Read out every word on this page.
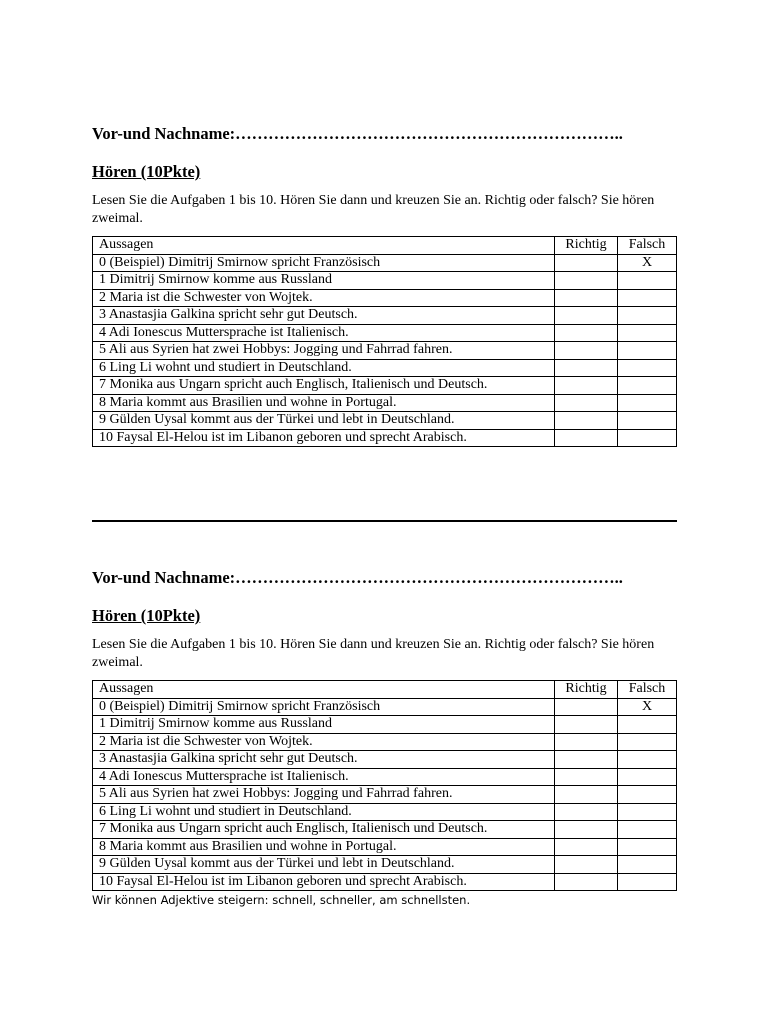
Vor-und Nachname:……………………………………………………………..
Hören (10Pkte)
Lesen Sie die Aufgaben 1 bis 10. Hören Sie dann und kreuzen Sie an. Richtig oder falsch? Sie hören zweimal.
Aussagen	Richtig	Falsch
0 (Beispiel) Dimitrij Smirnow spricht Französisch		X
1 Dimitrij Smirnow komme aus Russland		
2 Maria ist die Schwester von Wojtek.		
3 Anastasjia Galkina spricht sehr gut Deutsch.		
4 Adi Ionescus Muttersprache ist Italienisch.		
5 Ali aus Syrien hat zwei Hobbys: Jogging und Fahrrad fahren.		
6 Ling Li wohnt und studiert in Deutschland.		
7 Monika aus Ungarn spricht auch Englisch, Italienisch und Deutsch.		
8 Maria kommt aus Brasilien und wohne in Portugal.		
9 Gülden Uysal kommt aus der Türkei und lebt in Deutschland.		
10 Faysal El-Helou ist im Libanon geboren und sprecht Arabisch.		
Vor-und Nachname:……………………………………………………………..
Hören (10Pkte)
Lesen Sie die Aufgaben 1 bis 10. Hören Sie dann und kreuzen Sie an. Richtig oder falsch? Sie hören zweimal.
Aussagen	Richtig	Falsch
0 (Beispiel) Dimitrij Smirnow spricht Französisch		X
1 Dimitrij Smirnow komme aus Russland		
2 Maria ist die Schwester von Wojtek.		
3 Anastasjia Galkina spricht sehr gut Deutsch.		
4 Adi Ionescus Muttersprache ist Italienisch.		
5 Ali aus Syrien hat zwei Hobbys: Jogging und Fahrrad fahren.		
6 Ling Li wohnt und studiert in Deutschland.		
7 Monika aus Ungarn spricht auch Englisch, Italienisch und Deutsch.		
8 Maria kommt aus Brasilien und wohne in Portugal.		
9 Gülden Uysal kommt aus der Türkei und lebt in Deutschland.		
10 Faysal El-Helou ist im Libanon geboren und sprecht Arabisch.		
Wir können Adjektive steigern: schnell, schneller, am schnellsten.
